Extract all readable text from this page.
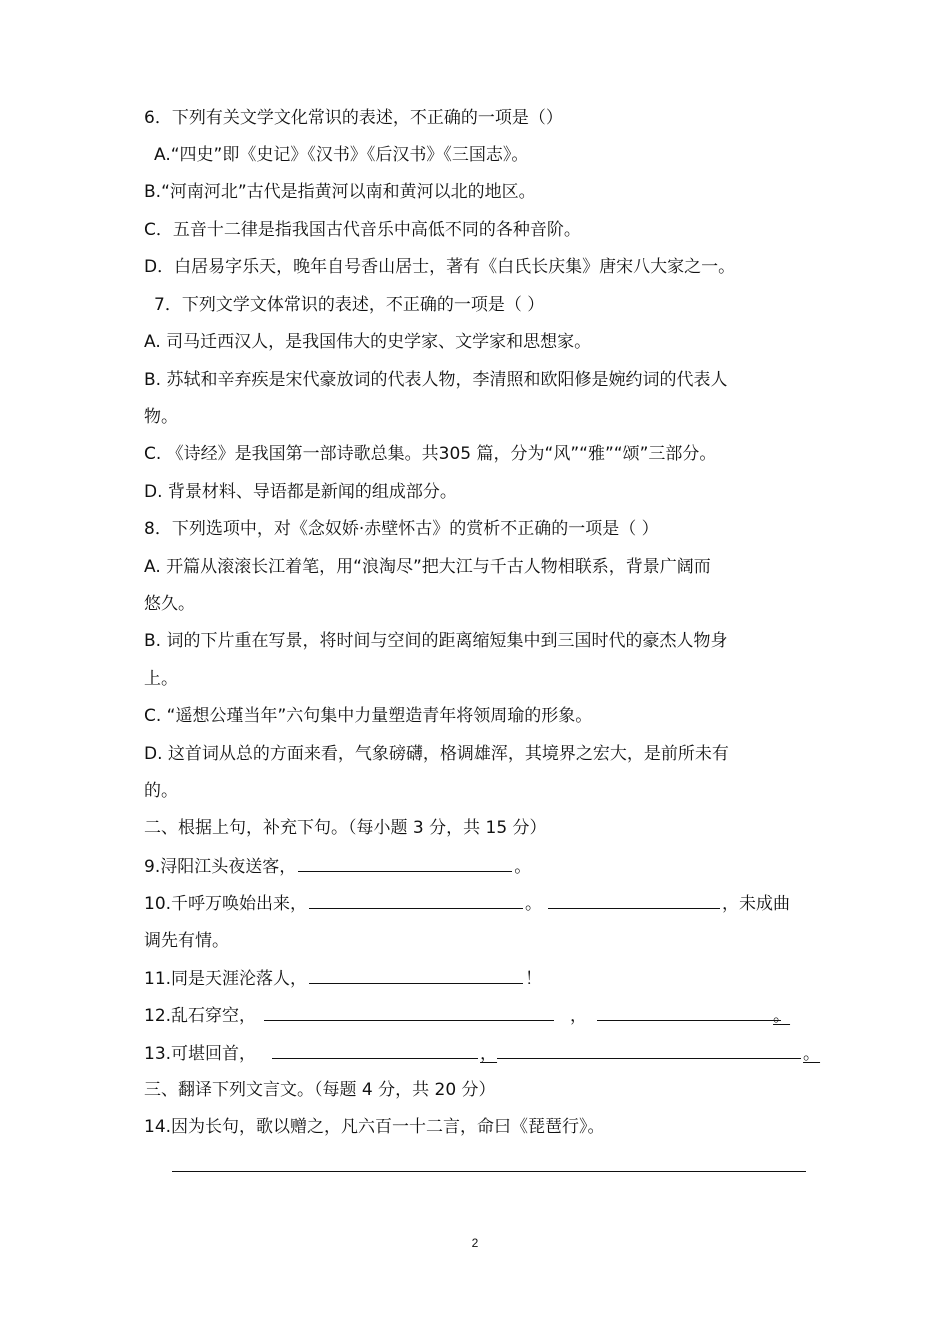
6．下列有关文学文化常识的表述，不正确的一项是（）
A.“四史”即《史记》《汉书》《后汉书》《三国志》。
B.“河南河北”古代是指黄河以南和黄河以北的地区。
C．五音十二律是指我国古代音乐中高低不同的各种音阶。
D．白居易字乐天，晚年自号香山居士，著有《白氏长庆集》唐宋八大家之一。
7．下列文学文体常识的表述，不正确的一项是（ ）
A. 司马迁西汉人，是我国伟大的史学家、文学家和思想家。
B. 苏轼和辛弃疾是宋代豪放词的代表人物，李清照和欧阳修是婉约词的代表人
物。
C. 《诗经》是我国第一部诗歌总集。共305 篇，分为“风”“雅”“颂”三部分。
D. 背景材料、导语都是新闻的组成部分。
8．下列选项中，对《念奴娇·赤壁怀古》的赏析不正确的一项是（ ）
A. 开篇从滚滚长江着笔，用“浪淘尽”把大江与千古人物相联系，背景广阔而
悠久。
B. 词的下片重在写景，将时间与空间的距离缩短集中到三国时代的豪杰人物身
上。
C. “遥想公瑾当年”六句集中力量塑造青年将领周瑜的形象。
D. 这首词从总的方面来看，气象磅礴，格调雄浑，其境界之宏大，是前所未有
的。
二、根据上句，补充下句。（每小题 3 分，共 15 分）
9.浔阳江头夜送客，	。
10.千呼万唤始出来，	。	，未成曲
调先有情。
11.同是天涯沦落人，	！
12.乱石穿空，	，	。
13.可堪回首，	，	。
三、翻译下列文言文。（每题 4 分，共 20 分）
14.因为长句，歌以赠之，凡六百一十二言，命曰《琵琶行》。
2
